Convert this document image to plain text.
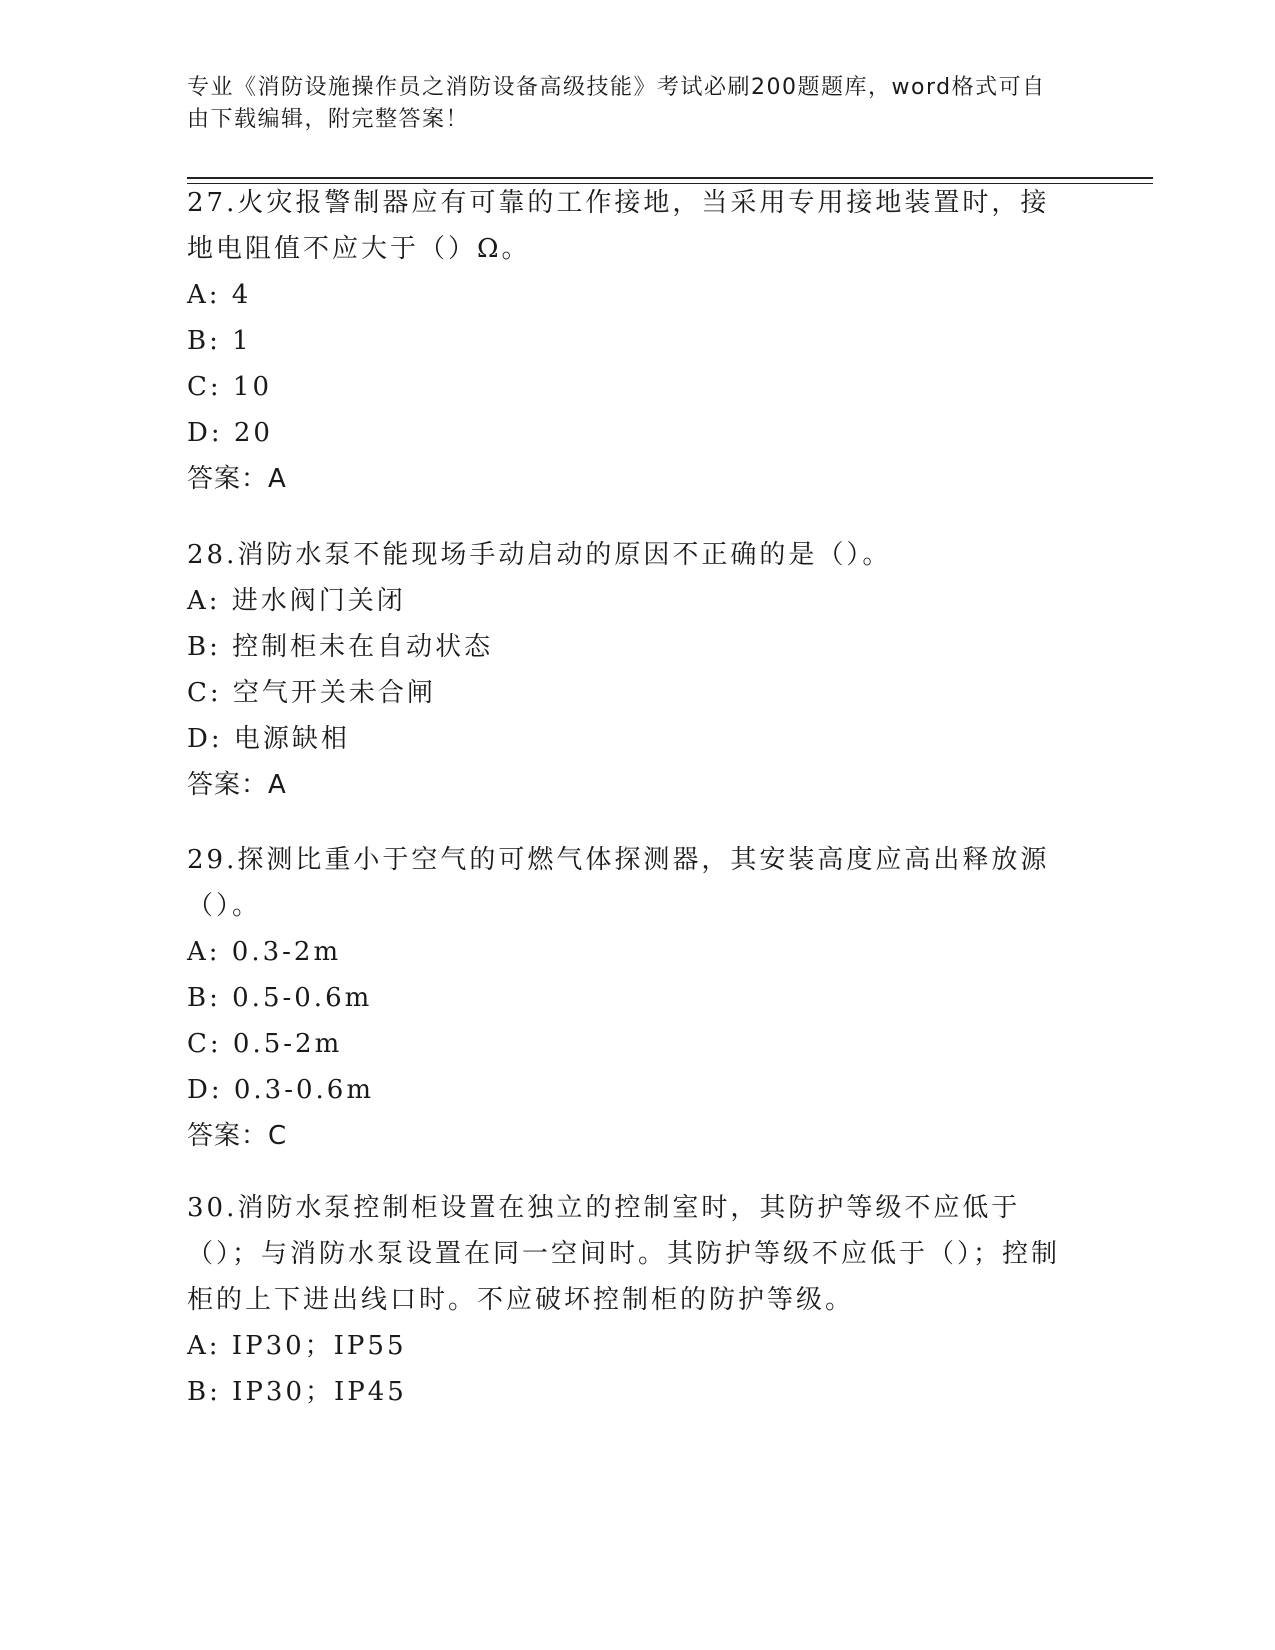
专业《消防设施操作员之消防设备高级技能》考试必刷200题题库，word格式可自由下载编辑，附完整答案！
27.火灾报警制器应有可靠的工作接地，当采用专用接地装置时，接地电阻值不应大于（）Ω。
A: 4
B: 1
C: 10
D: 20
答案：A
28.消防水泵不能现场手动启动的原因不正确的是（）。
A: 进水阀门关闭
B: 控制柜未在自动状态
C: 空气开关未合闸
D: 电源缺相
答案：A
29.探测比重小于空气的可燃气体探测器，其安装高度应高出释放源（）。
A: 0.3-2m
B: 0.5-0.6m
C: 0.5-2m
D: 0.3-0.6m
答案：C
30.消防水泵控制柜设置在独立的控制室时，其防护等级不应低于（）；与消防水泵设置在同一空间时。其防护等级不应低于（）；控制柜的上下进出线口时。不应破坏控制柜的防护等级。
A: IP30；IP55
B: IP30；IP45
